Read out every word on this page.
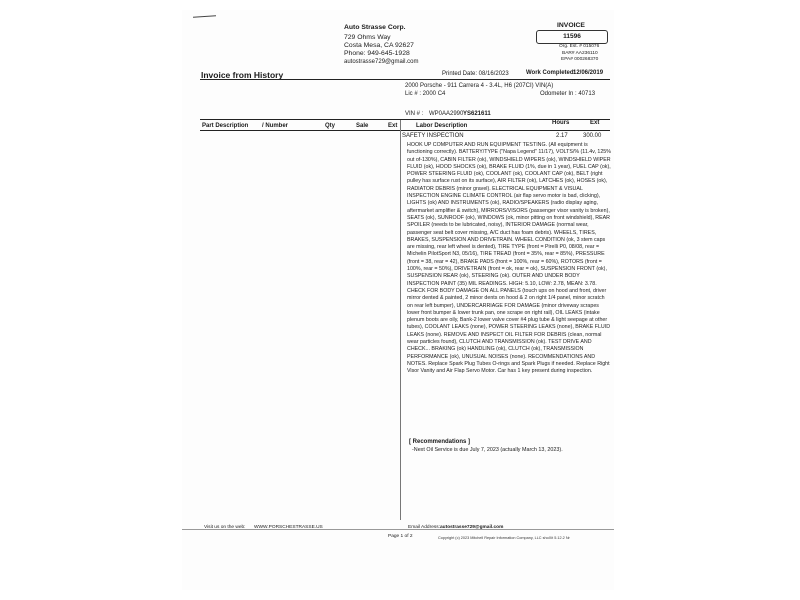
Auto Strasse Corp.
729 Ohms Way
Costa Mesa, CA 92627
Phone: 949-645-1928
autostrasse729@gmail.com
INVOICE
11596
Org. Est. # 015076
BAR# AA236110
EPA# 000268370
Invoice from History	Printed Date: 08/16/2023	Work Completed:
12/06/2019
2000 Porsche - 911 Carrera 4 - 3.4L, H6 (207CI) VIN(A)
Lic # : 2000 C4	Odometer In : 40713
VIN # : WP0AA2990 YS621611
Part Description / Number	Qty	Sale	Ext	Labor Description	Hours	Ext
SAFETY INSPECTION	2.17	300.00

HOOK UP COMPUTER AND RUN EQUIPMENT TESTING. (All equipment is functioning correctly). BATTERY/TYPE ("Napa Legend" 11/17), VOLTS/% (11.4v, 125% out of-130%), CABIN FILTER (ok), WINDSHIELD WIPERS (ok), WINDSHIELD WIPER FLUID (ok), HOOD SHOCKS (ok), BRAKE FLUID (1%, due in 1 year), FUEL CAP (ok), POWER STEERING FLUID (ok), COOLANT (ok), COOLANT CAP (ok), BELT (right pulley has surface rust on its surface), AIR FILTER (ok), LATCHES (ok), HOSES (ok), RADIATOR DEBRIS (minor gravel). ELECTRICAL EQUIPMENT & VISUAL INSPECTION ENGINE CLIMATE CONTROL (air flap servo motor is bad, clicking), LIGHTS (ok) AND INSTRUMENTS (ok), RADIO/SPEAKERS (radio display aging, aftermarket amplifier & switch), MIRRORS/VISORS (passenger visor vanity is broken), SEATS (ok), SUNROOF (ok), WINDOWS (ok, minor pitting on front windshield), REAR SPOILER (needs to be lubricated, noisy), INTERIOR DAMAGE (normal wear, passenger seat belt cover missing, A/C duct has foam debris). WHEELS, TIRES, BRAKES, SUSPENSION AND DRIVETRAIN. WHEEL CONDITION (ok, 3 stem caps are missing, rear left wheel is dented), TIRE TYPE (front = Pirelli P0, 08/08, rear = Michelin PilotSport N3, 05/16), TIRE TREAD (front = 35%, rear = 85%), PRESSURE (front = 38, rear = 42), BRAKE PADS (front = 100%, rear = 60%), ROTORS (front = 100%, rear = 50%), DRIVETRAIN (front = ok, rear = ok), SUSPENSION FRONT (ok), SUSPENSION REAR (ok), STEERING (ok). OUTER AND UNDER BODY INSPECTION PAINT (35) MIL READINGS. HIGH: 5.10, LOW: 2.78, MEAN: 3.78. CHECK FOR BODY DAMAGE ON ALL PANELS (touch ups on hood and front, driver mirror dented & painted, 2 minor dents on hood & 2 on right 1/4 panel, minor scratch on rear left bumper), UNDERCARRIAGE FOR DAMAGE (minor driveway scrapes lower front bumper & lower trunk pan, one scrape on right rail), OIL LEAKS (intake plenum boots are oily, Bank-2 lower valve cover #4 plug tube & light seepage at other tubes), COOLANT LEAKS (none), POWER STEERING LEAKS (none), BRAKE FLUID LEAKS (none). REMOVE AND INSPECT OIL FILTER FOR DEBRIS (clean, normal wear particles found), CLUTCH AND TRANSMISSION (ok). TEST DRIVE AND CHECK... BRAKING (ok) HANDLING (ok), CLUTCH (ok), TRANSMISSION PERFORMANCE (ok), UNUSUAL NOISES (none). RECOMMENDATIONS AND NOTES. Replace Spark Plug Tubes O-rings and Spark Plugs if needed. Replace Right Visor Vanity and Air Flap Servo Motor. Car has 1 key present during inspection.

[ Recommendations ]
-Next Oil Service is due July 7, 2023 (actually March 13, 2023).
Visit us on the web: WWW.PORSCHESTRASSE.US	Email Address: autostrasse729@gmail.com
Page 1 of 2	Copyright (c) 2023 Mitchell Repair Information Company, LLC shoXit 5.12.2 Nr
